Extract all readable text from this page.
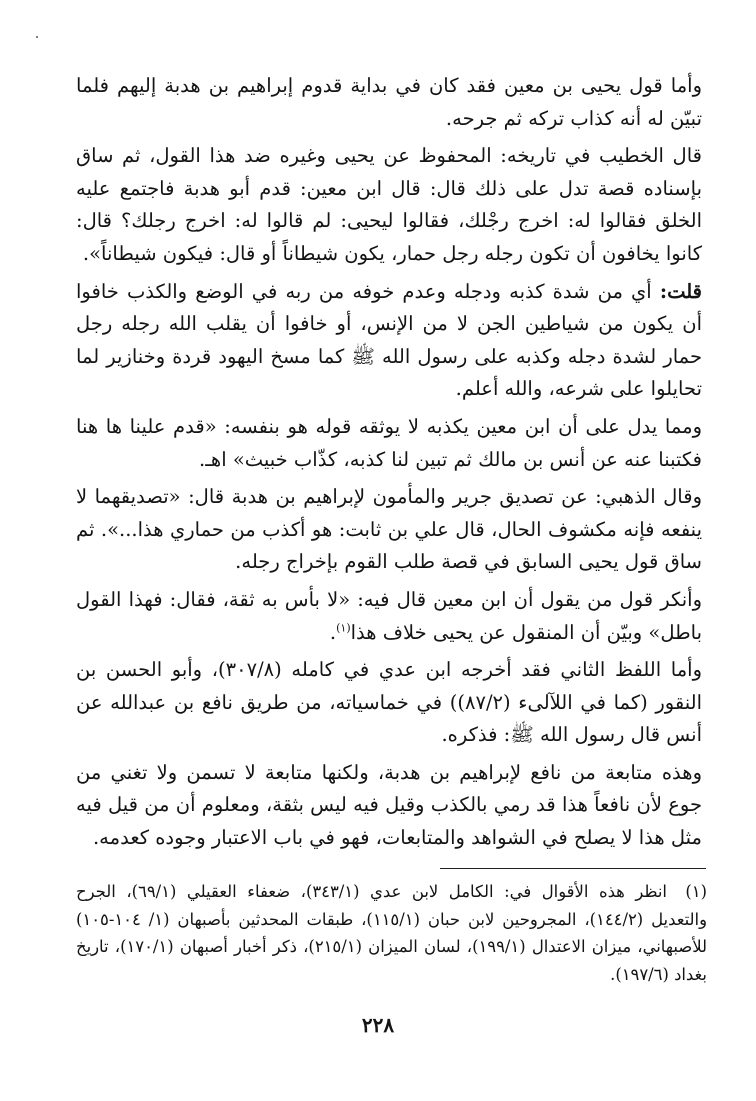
وأما قول يحيى بن معين فقد كان في بداية قدوم إبراهيم بن هدبة إليهم فلما تبيّن له أنه كذاب تركه ثم جرحه.

قال الخطيب في تاريخه: المحفوظ عن يحيى وغيره ضد هذا القول، ثم ساق بإسناده قصة تدل على ذلك قال: قال ابن معين: قدم أبو هدبة فاجتمع عليه الخلق فقالوا له: اخرج رجْلك، فقالوا ليحيى: لم قالوا له: اخرج رجلك؟ قال: كانوا يخافون أن تكون رجله رجل حمار، يكون شيطاناً أو قال: فيكون شيطاناً».

قلت: أي من شدة كذبه ودجله وعدم خوفه من ربه في الوضع والكذب خافوا أن يكون من شياطين الجن لا من الإنس، أو خافوا أن يقلب الله رجله رجل حمار لشدة دجله وكذبه على رسول الله ﷺ كما مسخ اليهود قردة وخنازير لما تحايلوا على شرعه، والله أعلم.

ومما يدل على أن ابن معين يكذبه لا يوثقه قوله هو بنفسه: «قدم علينا ها هنا فكتبنا عنه عن أنس بن مالك ثم تبين لنا كذبه، كذّاب خبيث» اهـ.

وقال الذهبي: عن تصديق جرير والمأمون لإبراهيم بن هدبة قال: «تصديقهما لا ينفعه فإنه مكشوف الحال، قال علي بن ثابت: هو أكذب من حماري هذا...». ثم ساق قول يحيى السابق في قصة طلب القوم بإخراج رجله.

وأنكر قول من يقول أن ابن معين قال فيه: «لا بأس به ثقة، فقال: فهذا القول باطل» وبيّن أن المنقول عن يحيى خلاف هذا$^{(١)}$.

وأما اللفظ الثاني فقد أخرجه ابن عدي في كامله (٣٠٧/٨)، وأبو الحسن بن النقور (كما في اللآلىء (٨٧/٢)) في خماسياته، من طريق نافع بن عبدالله عن أنس قال رسول الله ﷺ: فذكره.

وهذه متابعة من نافع لإبراهيم بن هدبة، ولكنها متابعة لا تسمن ولا تغني من جوع لأن نافعاً هذا قد رمي بالكذب وقيل فيه ليس بثقة، ومعلوم أن من قيل فيه مثل هذا لا يصلح في الشواهد والمتابعات، فهو في باب الاعتبار وجوده كعدمه.

(١)انظر هذه الأقوال في: الكامل لابن عدي (٣٤٣/١)، ضعفاء العقيلي (٦٩/١)، الجرح والتعديل (١٤٤/٢)، المجروحين لابن حبان (١١٥/١)، طبقات المحدثين بأصبهان (١/ ١٠٤-١٠٥) للأصبهاني، ميزان الاعتدال (١٩٩/١)، لسان الميزان (٢١٥/١)، ذكر أخبار أصبهان (١٧٠/١)، تاريخ بغداد (١٩٧/٦).
٢٢٨
